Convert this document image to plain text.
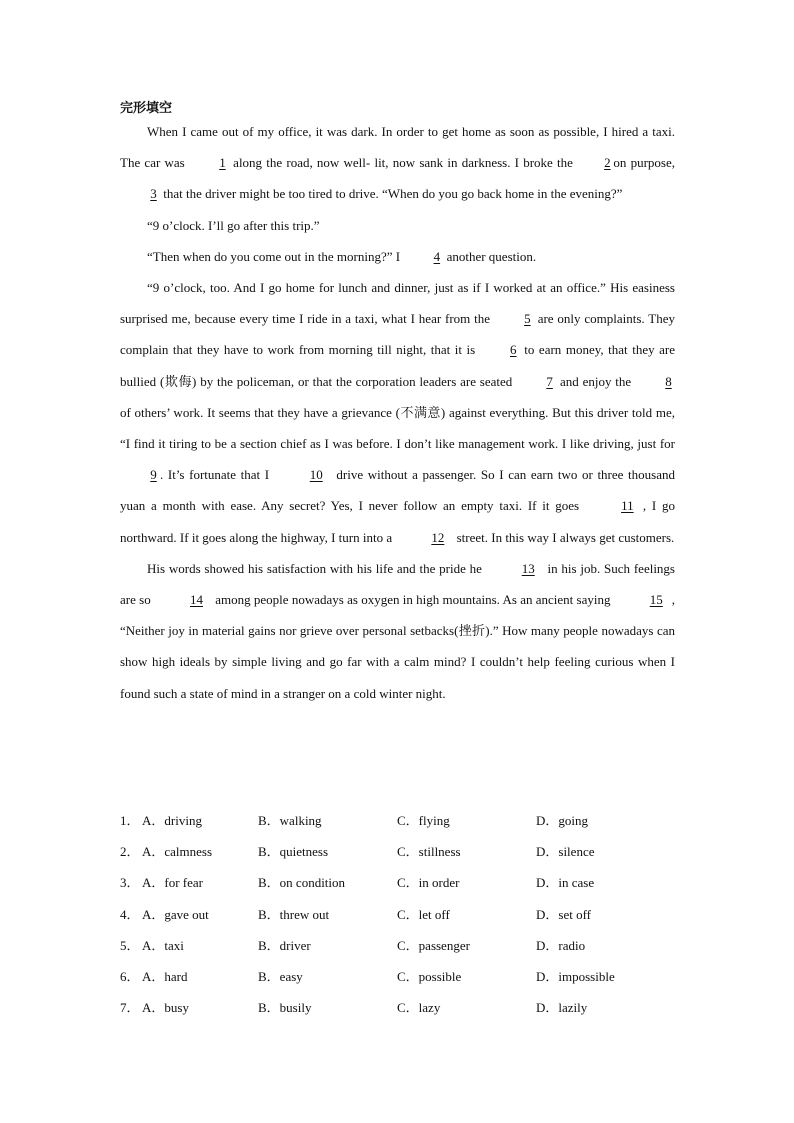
完形填空

When I came out of my office, it was dark. In order to get home as soon as possible, I hired a taxi. The car was 1 along the road, now well- lit, now sank in darkness. I broke the 2 on purpose, 3 that the driver might be too tired to drive. “When do you go back home in the evening?”

“9 o’clock. I’ll go after this trip.”

“Then when do you come out in the morning?” I 4 another question.

“9 o’clock, too. And I go home for lunch and dinner, just as if I worked at an office.” His easiness surprised me, because every time I ride in a taxi, what I hear from the 5 are only complaints. They complain that they have to work from morning till night, that it is 6 to earn money, that they are bullied (欺侮) by the policeman, or that the corporation leaders are seated 7 and enjoy the 8 of others’ work. It seems that they have a grievance (不满意) against everything. But this driver told me, “I find it tiring to be a section chief as I was before. I don’t like management work. I like driving, just for 9 . It’s fortunate that I	10 drive without a passenger. So I can earn two or three thousand yuan a month with ease. Any secret? Yes, I never follow an empty taxi. If it goes	11 , I go northward. If it goes along the highway, I turn into a	12 street. In this way I always get customers.

His words showed his satisfaction with his life and the pride he	13 in his job. Such feelings are so	14 among people nowadays as oxygen in high mountains. As an ancient saying	15 , “Neither joy in material gains nor grieve over personal setbacks(挫折).” How many people nowadays can show high ideals by simple living and go far with a calm mind? I couldn’t help feeling curious when I found such a state of mind in a stranger on a cold winter night.

1． A．driving	B．walking	C．flying	D．going
2． A．calmness	B．quietness	C．stillness	D．silence
3． A．for fear	B．on condition	C．in order	D．in case
4． A．gave out	B．threw out	C．let off	D．set off
5． A．taxi	B．driver	C．passenger	D．radio
6． A．hard	B．easy	C．possible	D．impossible
7． A．busy	B．busily	C．lazy	D．lazily
